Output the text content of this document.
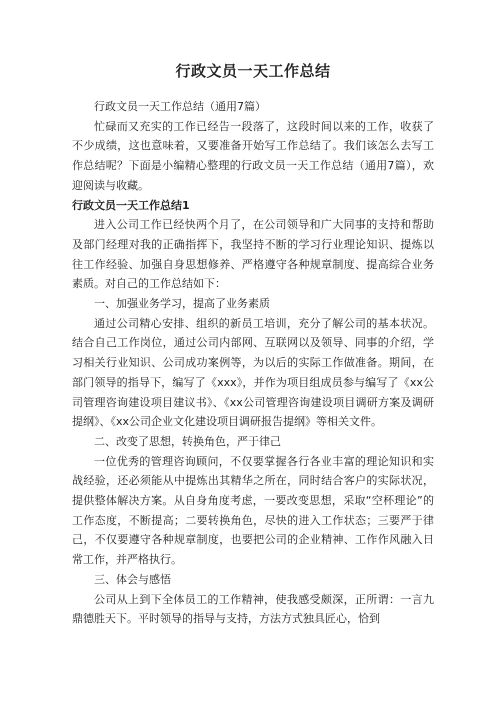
行政文员一天工作总结

行政文员一天工作总结（通用7篇）

忙碌而又充实的工作已经告一段落了，这段时间以来的工作，收获了不少成绩，这也意味着，又要准备开始写工作总结了。我们该怎么去写工作总结呢？下面是小编精心整理的行政文员一天工作总结（通用7篇），欢迎阅读与收藏。

行政文员一天工作总结1

进入公司工作已经快两个月了，在公司领导和广大同事的支持和帮助及部门经理对我的正确指挥下，我坚持不断的学习行业理论知识、提炼以往工作经验、加强自身思想修养、严格遵守各种规章制度、提高综合业务素质。对自己的工作总结如下：

一、加强业务学习，提高了业务素质

通过公司精心安排、组织的新员工培训，充分了解公司的基本状况。结合自己工作岗位，通过公司内部网、互联网以及领导、同事的介绍，学习相关行业知识、公司成功案例等，为以后的实际工作做准备。期间，在部门领导的指导下，编写了《xxx》，并作为项目组成员参与编写了《xx公司管理咨询建设项目建议书》、《xx公司管理咨询建设项目调研方案及调研提纲》、《xx公司企业文化建设项目调研报告提纲》等相关文件。

二、改变了思想，转换角色，严于律己

一位优秀的管理咨询顾问，不仅要掌握各行各业丰富的理论知识和实战经验，还必须能从中提炼出其精华之所在，同时结合客户的实际状况，提供整体解决方案。从自身角度考虑，一要改变思想，采取“空杯理论”的工作态度，不断提高；二要转换角色，尽快的进入工作状态；三要严于律己，不仅要遵守各种规章制度，也要把公司的企业精神、工作作风融入日常工作，并严格执行。

三、体会与感悟

公司从上到下全体员工的工作精神，使我感受颇深，正所谓：一言九鼎德胜天下。平时领导的指导与支持，方法方式独具匠心，恰到
